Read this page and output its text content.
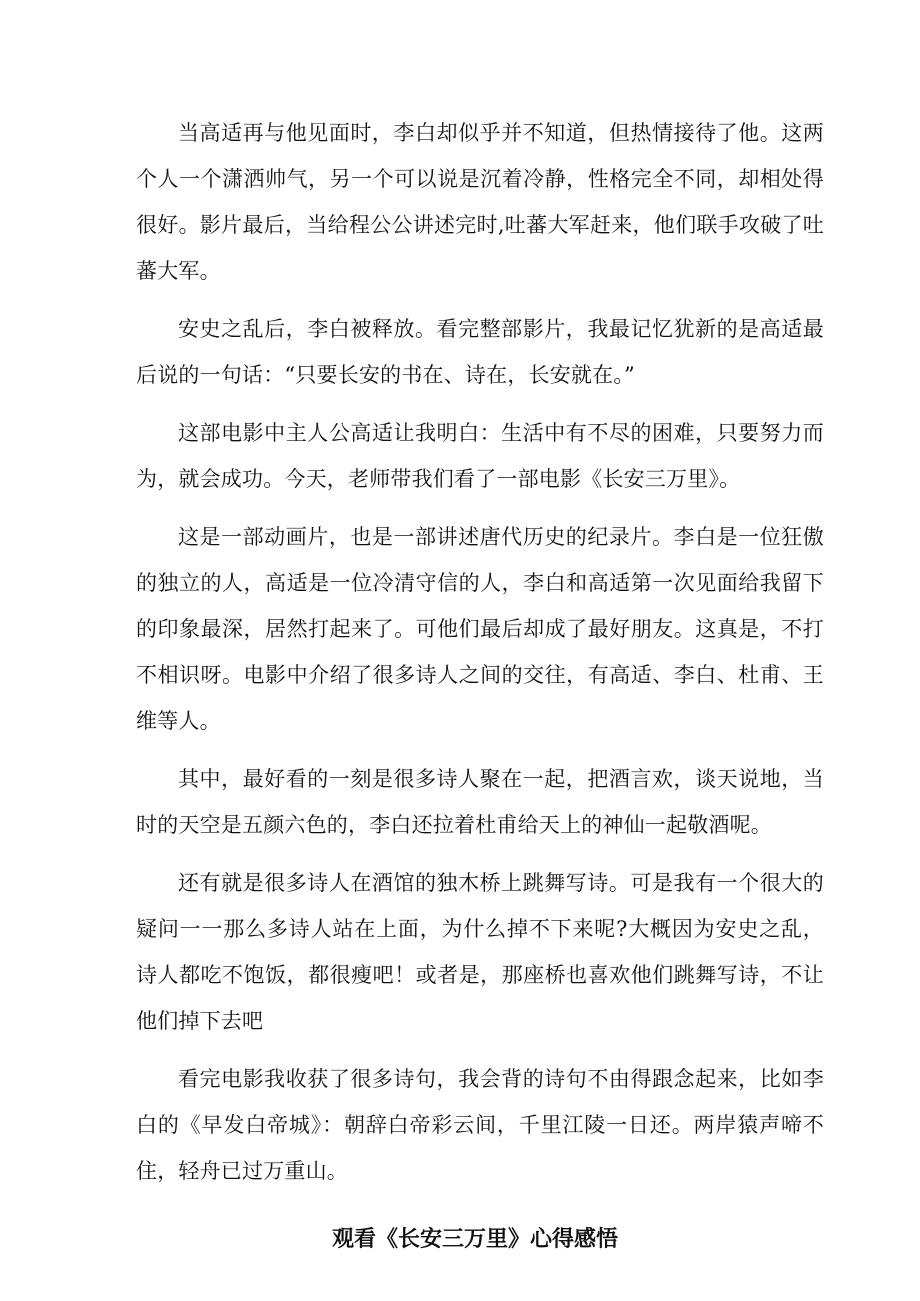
当高适再与他见面时，李白却似乎并不知道，但热情接待了他。这两个人一个潇洒帅气，另一个可以说是沉着冷静，性格完全不同，却相处得很好。影片最后，当给程公公讲述完时,吐蕃大军赶来，他们联手攻破了吐蕃大军。

安史之乱后，李白被释放。看完整部影片，我最记忆犹新的是高适最后说的一句话：“只要长安的书在、诗在，长安就在。”

这部电影中主人公高适让我明白：生活中有不尽的困难，只要努力而为，就会成功。今天，老师带我们看了一部电影《长安三万里》。

这是一部动画片，也是一部讲述唐代历史的纪录片。李白是一位狂傲的独立的人，高适是一位冷清守信的人，李白和高适第一次见面给我留下的印象最深，居然打起来了。可他们最后却成了最好朋友。这真是，不打不相识呀。电影中介绍了很多诗人之间的交往，有高适、李白、杜甫、王维等人。

其中，最好看的一刻是很多诗人聚在一起，把酒言欢，谈天说地，当时的天空是五颜六色的，李白还拉着杜甫给天上的神仙一起敬酒呢。

还有就是很多诗人在酒馆的独木桥上跳舞写诗。可是我有一个很大的疑问一一那么多诗人站在上面，为什么掉不下来呢?大概因为安史之乱，诗人都吃不饱饭，都很瘦吧！或者是，那座桥也喜欢他们跳舞写诗，不让他们掉下去吧

看完电影我收获了很多诗句，我会背的诗句不由得跟念起来，比如李白的《早发白帝城》：朝辞白帝彩云间，千里江陵一日还。两岸猿声啼不住，轻舟已过万重山。

观看《长安三万里》心得感悟
